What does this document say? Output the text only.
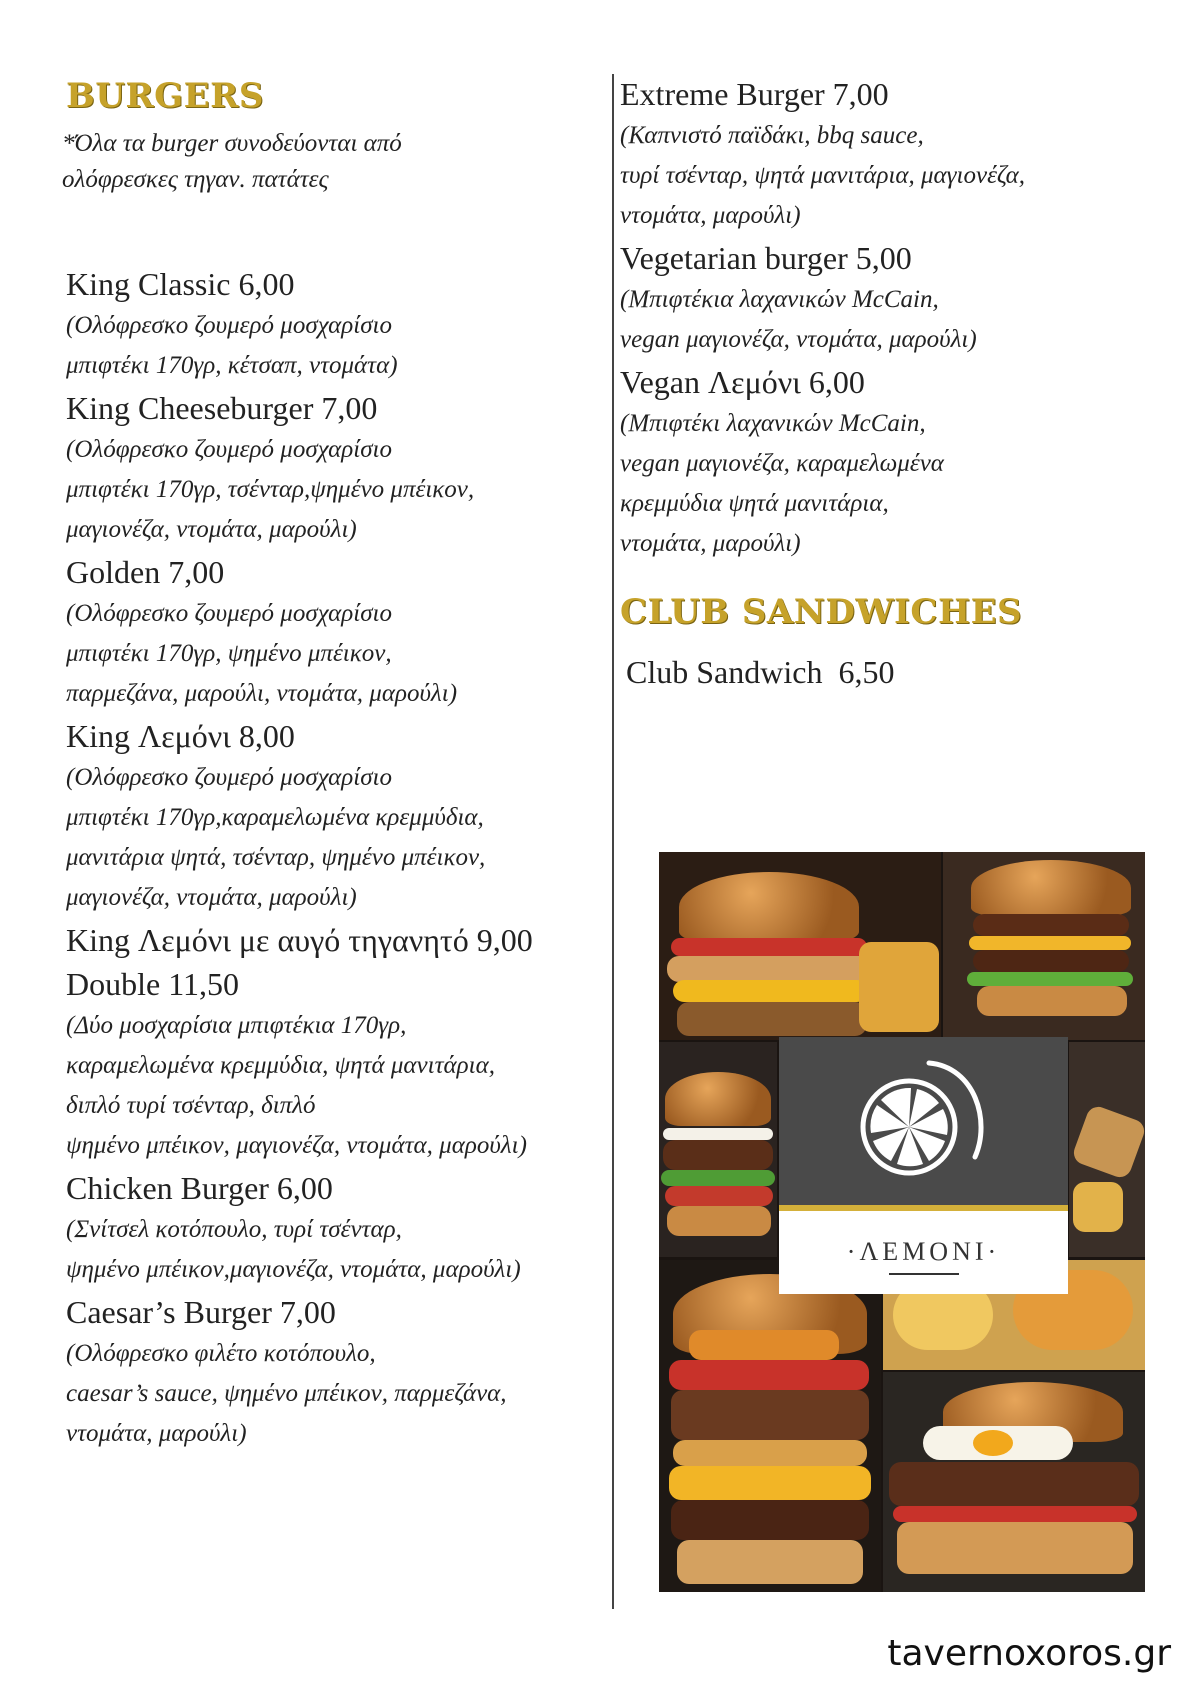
BURGERS
*Όλα τα burger συνοδεύονται από
ολόφρεσκες τηγαν. πατάτες
King Classic 6,00
(Ολόφρεσκο ζουμερό μοσχαρίσιο
μπιφτέκι 170γρ, κέτσαπ, ντομάτα)
King Cheeseburger 7,00
(Ολόφρεσκο ζουμερό μοσχαρίσιο
μπιφτέκι 170γρ, τσένταρ,ψημένο μπέικον,
μαγιονέζα, ντομάτα, μαρούλι)
Golden 7,00
(Ολόφρεσκο ζουμερό μοσχαρίσιο
μπιφτέκι 170γρ, ψημένο μπέικον,
παρμεζάνα, μαρούλι, ντομάτα, μαρούλι)
King Λεμόνι 8,00
(Ολόφρεσκο ζουμερό μοσχαρίσιο
μπιφτέκι 170γρ,καραμελωμένα κρεμμύδια,
μανιτάρια ψητά, τσένταρ, ψημένο μπέικον,
μαγιονέζα, ντομάτα, μαρούλι)
King Λεμόνι με αυγό τηγανητό 9,00
Double 11,50
(Δύο μοσχαρίσια μπιφτέκια 170γρ,
καραμελωμένα κρεμμύδια, ψητά μανιτάρια,
διπλό τυρί τσένταρ, διπλό
ψημένο μπέικον, μαγιονέζα, ντομάτα, μαρούλι)
Chicken Burger 6,00
(Σνίτσελ κοτόπουλο, τυρί τσένταρ,
ψημένο μπέικον,μαγιονέζα, ντομάτα, μαρούλι)
Caesar’s Burger 7,00
(Ολόφρεσκο φιλέτο κοτόπουλο,
caesar’s sauce, ψημένο μπέικον, παρμεζάνα,
ντομάτα, μαρούλι)
Extreme Burger 7,00
(Καπνιστό παϊδάκι, bbq sauce,
τυρί τσένταρ, ψητά μανιτάρια, μαγιονέζα,
ντομάτα, μαρούλι)
Vegetarian burger 5,00
(Μπιφτέκια λαχανικών McCain,
vegan μαγιονέζα, ντομάτα, μαρούλι)
Vegan Λεμόνι 6,00
(Μπιφτέκι λαχανικών McCain,
vegan μαγιονέζα, καραμελωμένα
κρεμμύδια ψητά μανιτάρια,
ντομάτα, μαρούλι)
CLUB SANDWICHES
Club Sandwich  6,50
·ΛΕΜΟΝΙ·
tavernoxoros.gr
